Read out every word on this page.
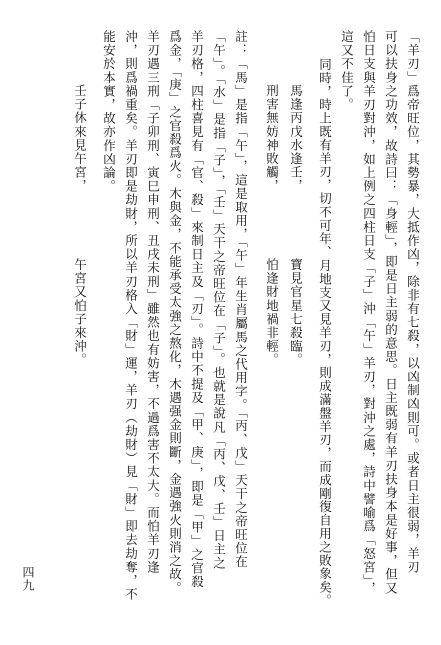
「羊刃」爲帝旺位，其勢暴，大抵作凶，除非有七殺，以凶制凶則可。或者日主很弱，羊刃
可以扶身之功效，故詩曰：「身輕」，即是日主弱的意思。日主既弱有羊刃扶身本是好事，但又
怕日支與羊刃對沖，如上例之四柱日支「子」沖「午」羊刃，對沖之處，詩中譬喻爲「怒宮」，
這又不佳了。
同時，時上既有羊刃，切不可年、月地支又見羊刃，則成滿盤羊刃，而成剛復自用之敗象矣。
馬逢丙戊水逢壬，
寶見官星七殺臨。
刑害無妨神敗觸，
怕逢財地禍非輕。
註：「馬」是指「午」，這是取用，「午」年生肖屬馬之代用字。「丙、戊」天干之帝旺位在
「午」。「水」是指「子」，「壬」天干之帝旺位在「子」。也就是說凡「丙、戊、壬」日主之
羊刃格，四柱喜見有「官、殺」來制日主及「刃」。詩中不提及「甲、庚」，即是「甲」之官殺
爲金，「庚」之官殺爲火。木與金，不能承受太強之熬化，木遇强金則斷，金遇強火則消之故。
羊刃遇三刑「子卯刑、寅巳申刑、丑戌未刑」雖然也有妨害，不過爲害不太大。而怕羊刃逢
沖，則爲禍重矣。羊刃即是劫財，所以羊刃格入「財」運，羊刃（劫財）見「財」即去劫奪，不
能安於本實，故亦作凶論。
壬子休來見午宮，
午宮又怕子來沖。
四九
